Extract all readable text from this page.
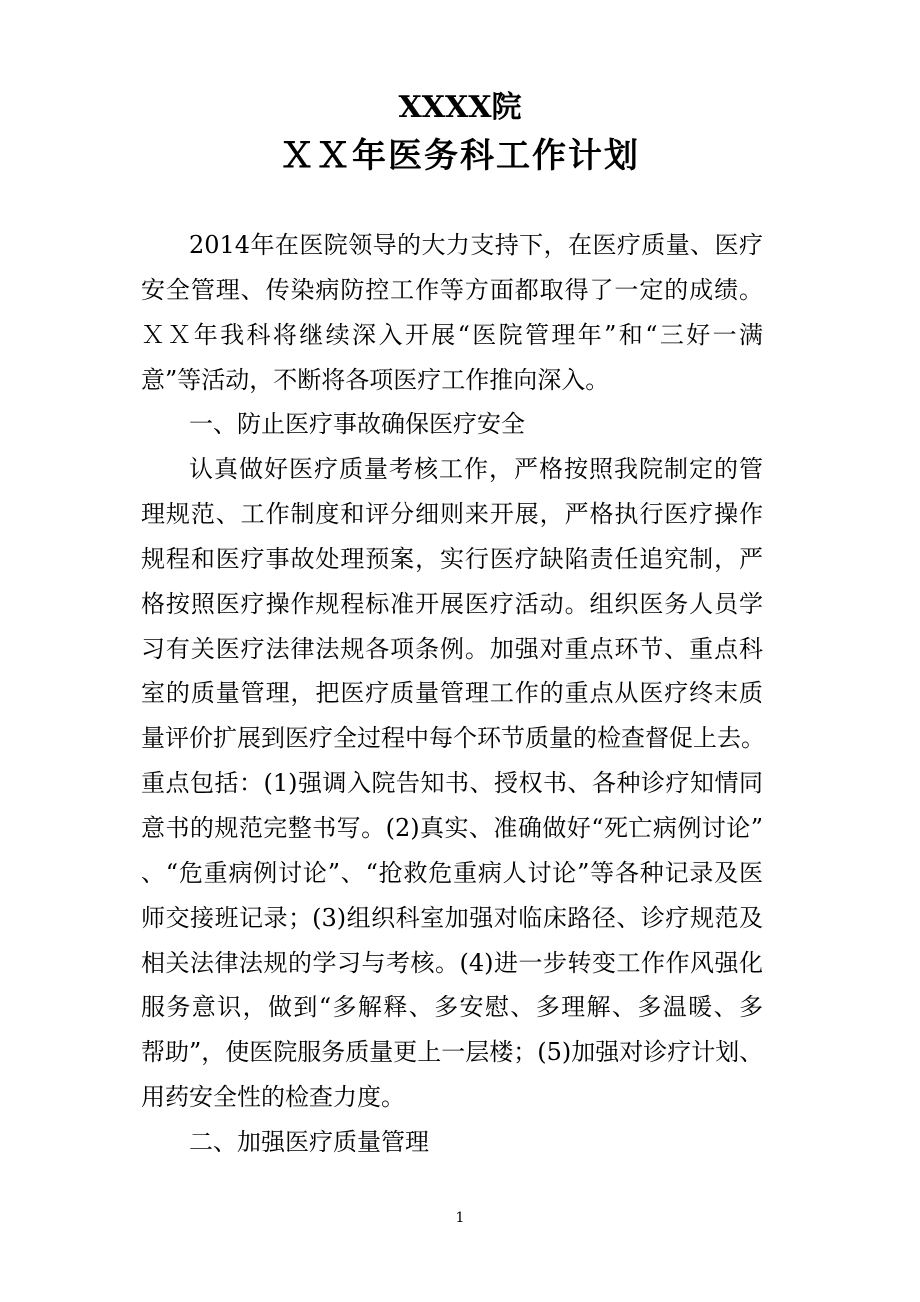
XXXX院
ＸＸ年医务科工作计划
2014年在医院领导的大力支持下，在医疗质量、医疗
安全管理、传染病防控工作等方面都取得了一定的成绩。
ＸＸ年我科将继续深入开展“医院管理年”和“三好一满
意”等活动，不断将各项医疗工作推向深入。
一、防止医疗事故确保医疗安全
认真做好医疗质量考核工作，严格按照我院制定的管
理规范、工作制度和评分细则来开展，严格执行医疗操作
规程和医疗事故处理预案，实行医疗缺陷责任追究制，严
格按照医疗操作规程标准开展医疗活动。组织医务人员学
习有关医疗法律法规各项条例。加强对重点环节、重点科
室的质量管理，把医疗质量管理工作的重点从医疗终末质
量评价扩展到医疗全过程中每个环节质量的检查督促上去。
重点包括：(1)强调入院告知书、授权书、各种诊疗知情同
意书的规范完整书写。(2)真实、准确做好“死亡病例讨论”
、“危重病例讨论”、“抢救危重病人讨论”等各种记录及医
师交接班记录；(3)组织科室加强对临床路径、诊疗规范及
相关法律法规的学习与考核。(4)进一步转变工作作风强化
服务意识，做到“多解释、多安慰、多理解、多温暖、多
帮助”，使医院服务质量更上一层楼；(5)加强对诊疗计划、
用药安全性的检查力度。
二、加强医疗质量管理
1
